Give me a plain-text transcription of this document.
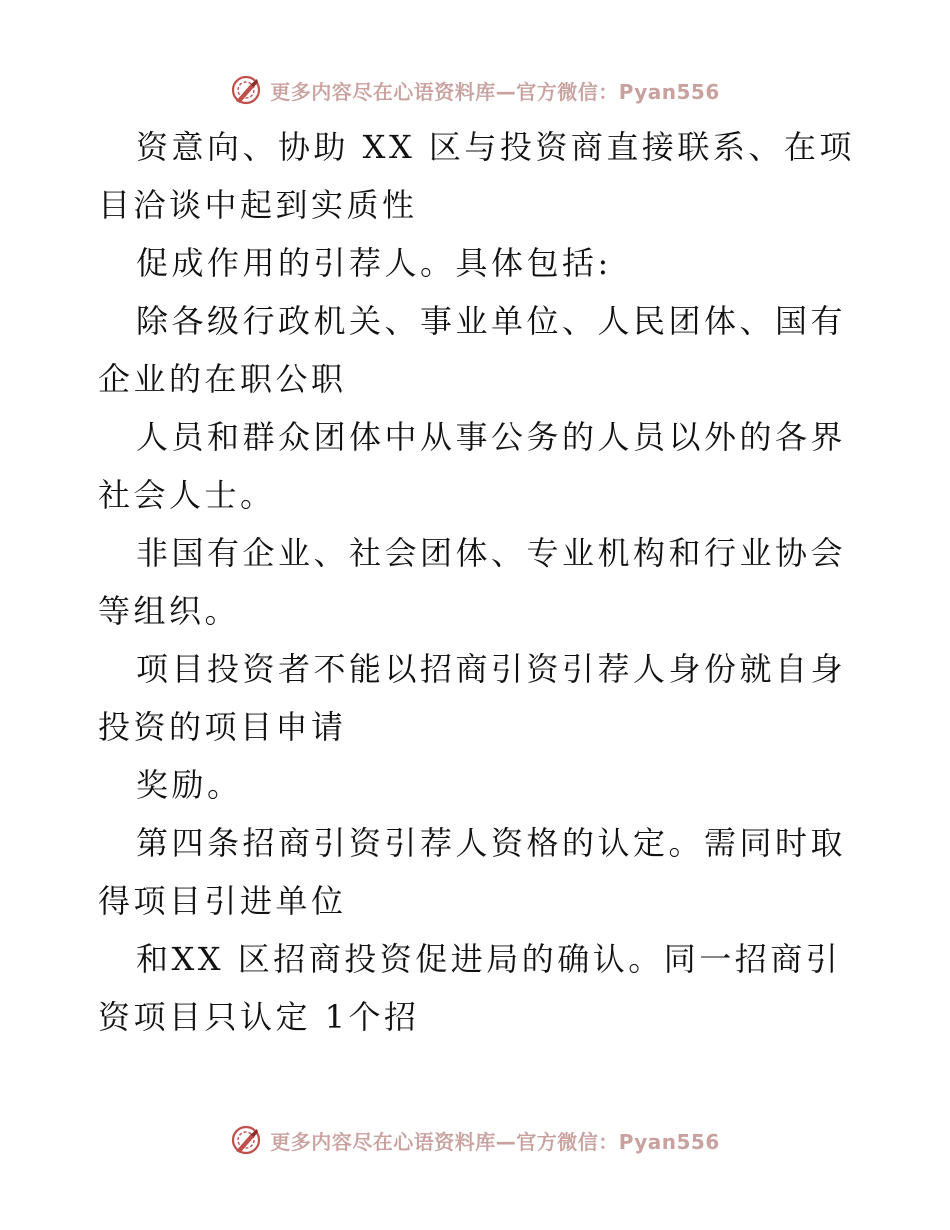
更多内容尽在心语资料库—官方微信：Pyan556

资意向、协助 XX 区与投资商直接联系、在项目洽谈中起到实质性

促成作用的引荐人。具体包括:

除各级行政机关、事业单位、人民团体、国有企业的在职公职

人员和群众团体中从事公务的人员以外的各界社会人士。

非国有企业、社会团体、专业机构和行业协会等组织。

项目投资者不能以招商引资引荐人身份就自身投资的项目申请

奖励。

第四条招商引资引荐人资格的认定。需同时取得项目引进单位

和XX 区招商投资促进局的确认。同一招商引资项目只认定 1个招

更多内容尽在心语资料库—官方微信：Pyan556
